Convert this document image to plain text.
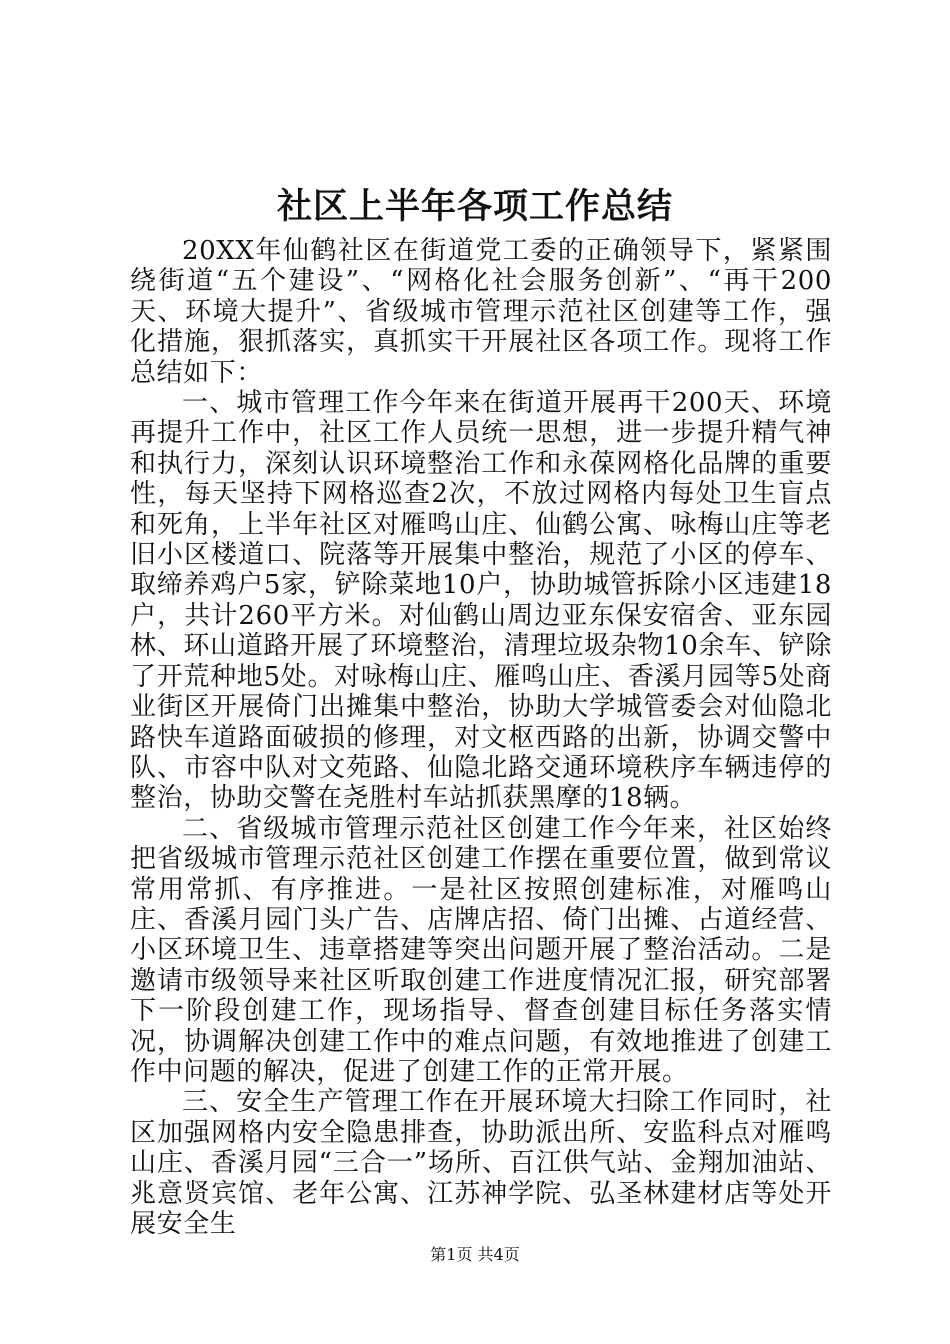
社区上半年各项工作总结

20XX年仙鹤社区在街道党工委的正确领导下，紧紧围绕街道“五个建设”、“网格化社会服务创新”、“再干200天、环境大提升”、省级城市管理示范社区创建等工作，强化措施，狠抓落实，真抓实干开展社区各项工作。现将工作总结如下：

一、城市管理工作今年来在街道开展再干200天、环境再提升工作中，社区工作人员统一思想，进一步提升精气神和执行力，深刻认识环境整治工作和永葆网格化品牌的重要性，每天坚持下网格巡查2次，不放过网格内每处卫生盲点和死角，上半年社区对雁鸣山庄、仙鹤公寓、咏梅山庄等老旧小区楼道口、院落等开展集中整治，规范了小区的停车、取缔养鸡户5家，铲除菜地10户，协助城管拆除小区违建18户，共计260平方米。对仙鹤山周边亚东保安宿舍、亚东园林、环山道路开展了环境整治，清理垃圾杂物10余车、铲除了开荒种地5处。对咏梅山庄、雁鸣山庄、香溪月园等5处商业街区开展倚门出摊集中整治，协助大学城管委会对仙隐北路快车道路面破损的修理，对文枢西路的出新，协调交警中队、市容中队对文苑路、仙隐北路交通环境秩序车辆违停的整治，协助交警在尧胜村车站抓获黑摩的18辆。

二、省级城市管理示范社区创建工作今年来，社区始终把省级城市管理示范社区创建工作摆在重要位置，做到常议常用常抓、有序推进。一是社区按照创建标准，对雁鸣山庄、香溪月园门头广告、店牌店招、倚门出摊、占道经营、小区环境卫生、违章搭建等突出问题开展了整治活动。二是邀请市级领导来社区听取创建工作进度情况汇报，研究部署下一阶段创建工作，现场指导、督查创建目标任务落实情况，协调解决创建工作中的难点问题，有效地推进了创建工作中问题的解决，促进了创建工作的正常开展。

三、安全生产管理工作在开展环境大扫除工作同时，社区加强网格内安全隐患排查，协助派出所、安监科点对雁鸣山庄、香溪月园“三合一”场所、百江供气站、金翔加油站、兆意贤宾馆、老年公寓、江苏神学院、弘圣林建材店等处开展安全生

第1页 共4页
